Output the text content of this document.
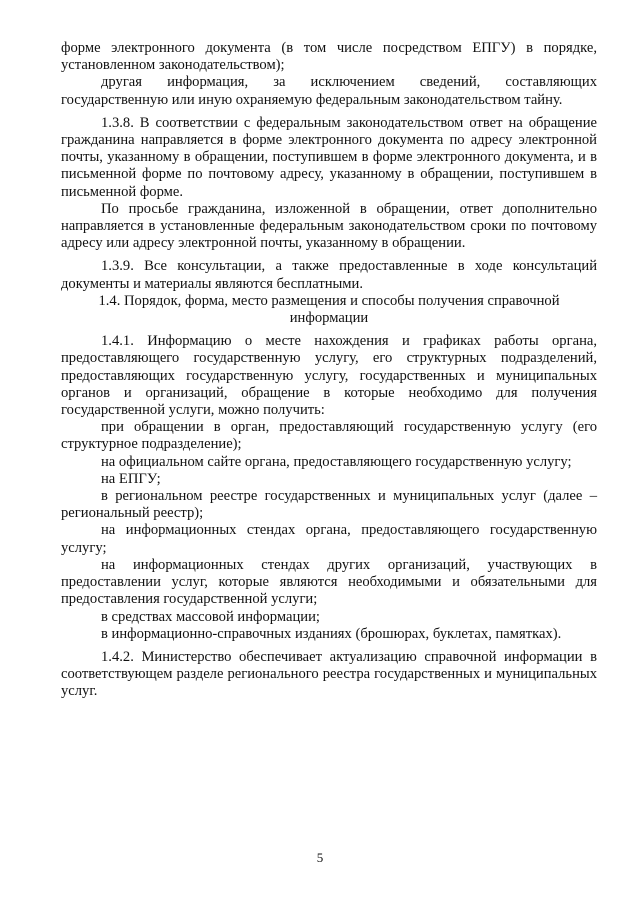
форме электронного документа (в том числе посредством ЕПГУ) в порядке, установленном законодательством);

другая информация, за исключением сведений, составляющих государственную или иную охраняемую федеральным законодательством тайну.

1.3.8. В соответствии с федеральным законодательством ответ на обращение гражданина направляется в форме электронного документа по адресу электронной почты, указанному в обращении, поступившем в форме электронного документа, и в письменной форме по почтовому адресу, указанному в обращении, поступившем в письменной форме.

По просьбе гражданина, изложенной в обращении, ответ дополнительно направляется в установленные федеральным законодательством сроки по почтовому адресу или адресу электронной почты, указанному в обращении.

1.3.9. Все консультации, а также предоставленные в ходе консультаций документы и материалы являются бесплатными.

1.4. Порядок, форма, место размещения и способы получения справочной информации

1.4.1. Информацию о месте нахождения и графиках работы органа, предоставляющего государственную услугу, его структурных подразделений, предоставляющих государственную услугу, государственных и муниципальных органов и организаций, обращение в которые необходимо для получения государственной услуги, можно получить:

при обращении в орган, предоставляющий государственную услугу (его структурное подразделение);

на официальном сайте органа, предоставляющего государственную услугу;

на ЕПГУ;

в региональном реестре государственных и муниципальных услуг (далее – региональный реестр);

на информационных стендах органа, предоставляющего государственную услугу;

на информационных стендах других организаций, участвующих в предоставлении услуг, которые являются необходимыми и обязательными для предоставления государственной услуги;

в средствах массовой информации;

в информационно-справочных изданиях (брошюрах, буклетах, памятках).

1.4.2. Министерство обеспечивает актуализацию справочной информации в соответствующем разделе регионального реестра государственных и муниципальных услуг.

5
